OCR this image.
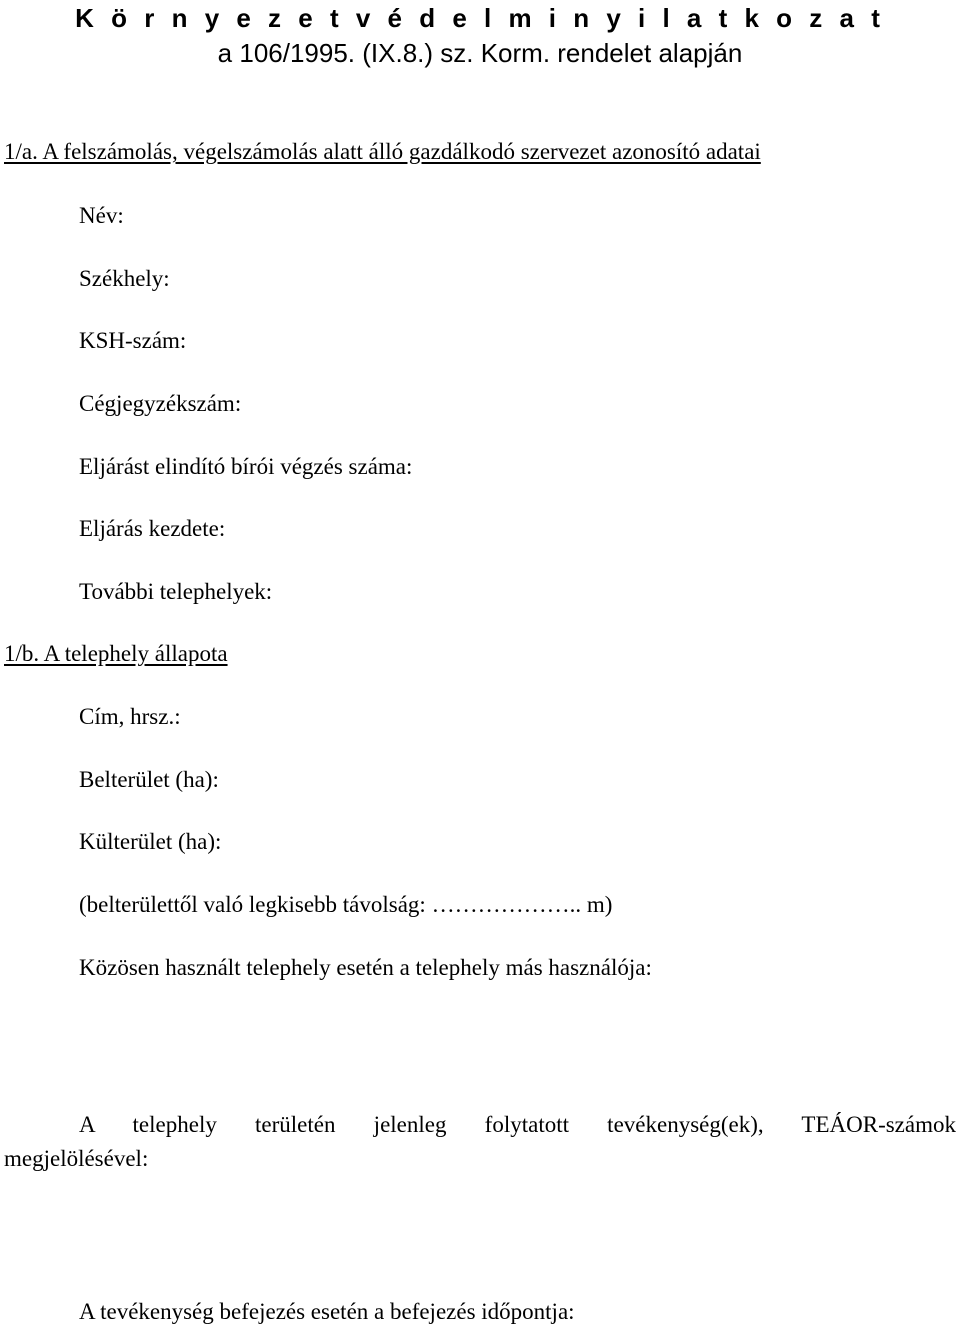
K ö r n y e z e t v é d e l m i n y i l a t k o z a t
a 106/1995. (IX.8.) sz. Korm. rendelet alapján
1/a. A felszámolás, végelszámolás alatt álló gazdálkodó szervezet azonosító adatai
Név:
Székhely:
KSH-szám:
Cégjegyzékszám:
Eljárást elindító bírói végzés száma:
Eljárás kezdete:
További telephelyek:
1/b. A telephely állapota
Cím, hrsz.:
Belterület (ha):
Külterület (ha):
(belterülettől való legkisebb távolság: ……………….. m)
Közösen használt telephely esetén a telephely más használója:
A telephely területén jelenleg folytatott tevékenység(ek), TEÁOR-számok
megjelölésével:
A tevékenység befejezés esetén a befejezés időpontja:
